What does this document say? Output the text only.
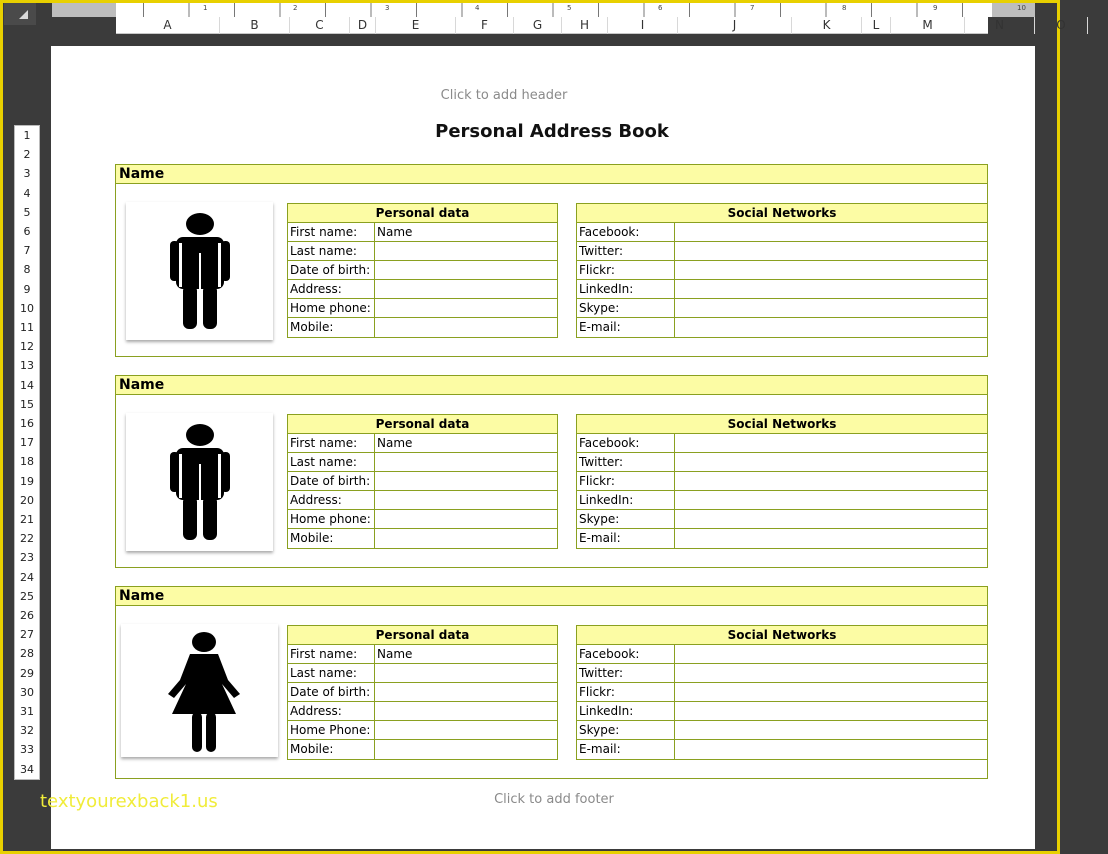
1	2	3	4	5	6	7	8	9	10
A	B	C	D	E	F	G	H	I	J	K	L	M	N	O
1
2
3
4
5
6
7
8
9
10
11
12
13
14
15
16
17
18
19
20
21
22
23
24
25
26
27
28
29
30
31
32
33
34
Click to add header
Personal Address Book
Name
Personal data
First name:	Name
Last name:
Date of birth:
Address:
Home phone:
Mobile:
Social Networks
Facebook:
Twitter:
Flickr:
LinkedIn:
Skype:
E-mail:
Name
Personal data
First name:	Name
Last name:
Date of birth:
Address:
Home phone:
Mobile:
Social Networks
Facebook:
Twitter:
Flickr:
LinkedIn:
Skype:
E-mail:
Name
Personal data
First name:	Name
Last name:
Date of birth:
Address:
Home Phone:
Mobile:
Social Networks
Facebook:
Twitter:
Flickr:
LinkedIn:
Skype:
E-mail:
Click to add footer
textyourexback1.us
